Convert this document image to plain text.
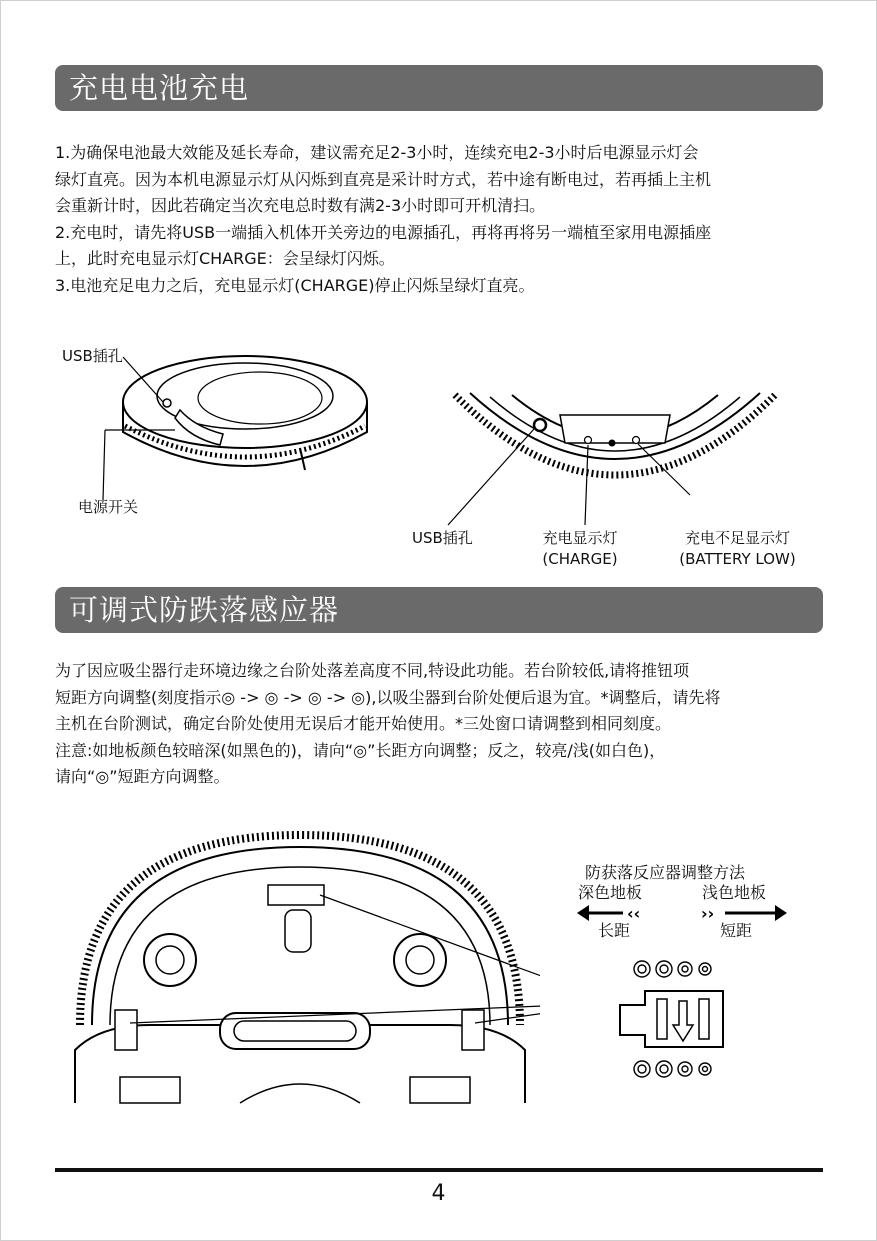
充电电池充电
1.为确保电池最大效能及延长寿命，建议需充足2-3小时，连续充电2-3小时后电源显示灯会
绿灯直亮。因为本机电源显示灯从闪烁到直亮是采计时方式，若中途有断电过，若再插上主机
会重新计时，因此若确定当次充电总时数有满2-3小时即可开机清扫。
2.充电时，请先将USB一端插入机体开关旁边的电源插孔，再将再将另一端植至家用电源插座
上，此时充电显示灯CHARGE：会呈绿灯闪烁。
3.电池充足电力之后，充电显示灯(CHARGE)停止闪烁呈绿灯直亮。
USB插孔
电源开关
USB插孔	充电显示灯
(CHARGE)
充电不足显示灯
(BATTERY LOW)
可调式防跌落感应器
为了因应吸尘器行走环境边缘之台阶处落差高度不同,特设此功能。若台阶较低,请将推钮项
短距方向调整(刻度指示◎ -> ◎ -> ◎ -> ◎),以吸尘器到台阶处便后退为宜。*调整后，请先将
主机在台阶测试，确定台阶处使用无误后才能开始使用。*三处窗口请调整到相同刻度。
注意:如地板颜色较暗深(如黑色的)，请向“◎”长距方向调整；反之，较亮/浅(如白色)，
请向“◎”短距方向调整。
防获落反应器调整方法
深色地板	浅色地板
长距	短距
‹‹	››
4
